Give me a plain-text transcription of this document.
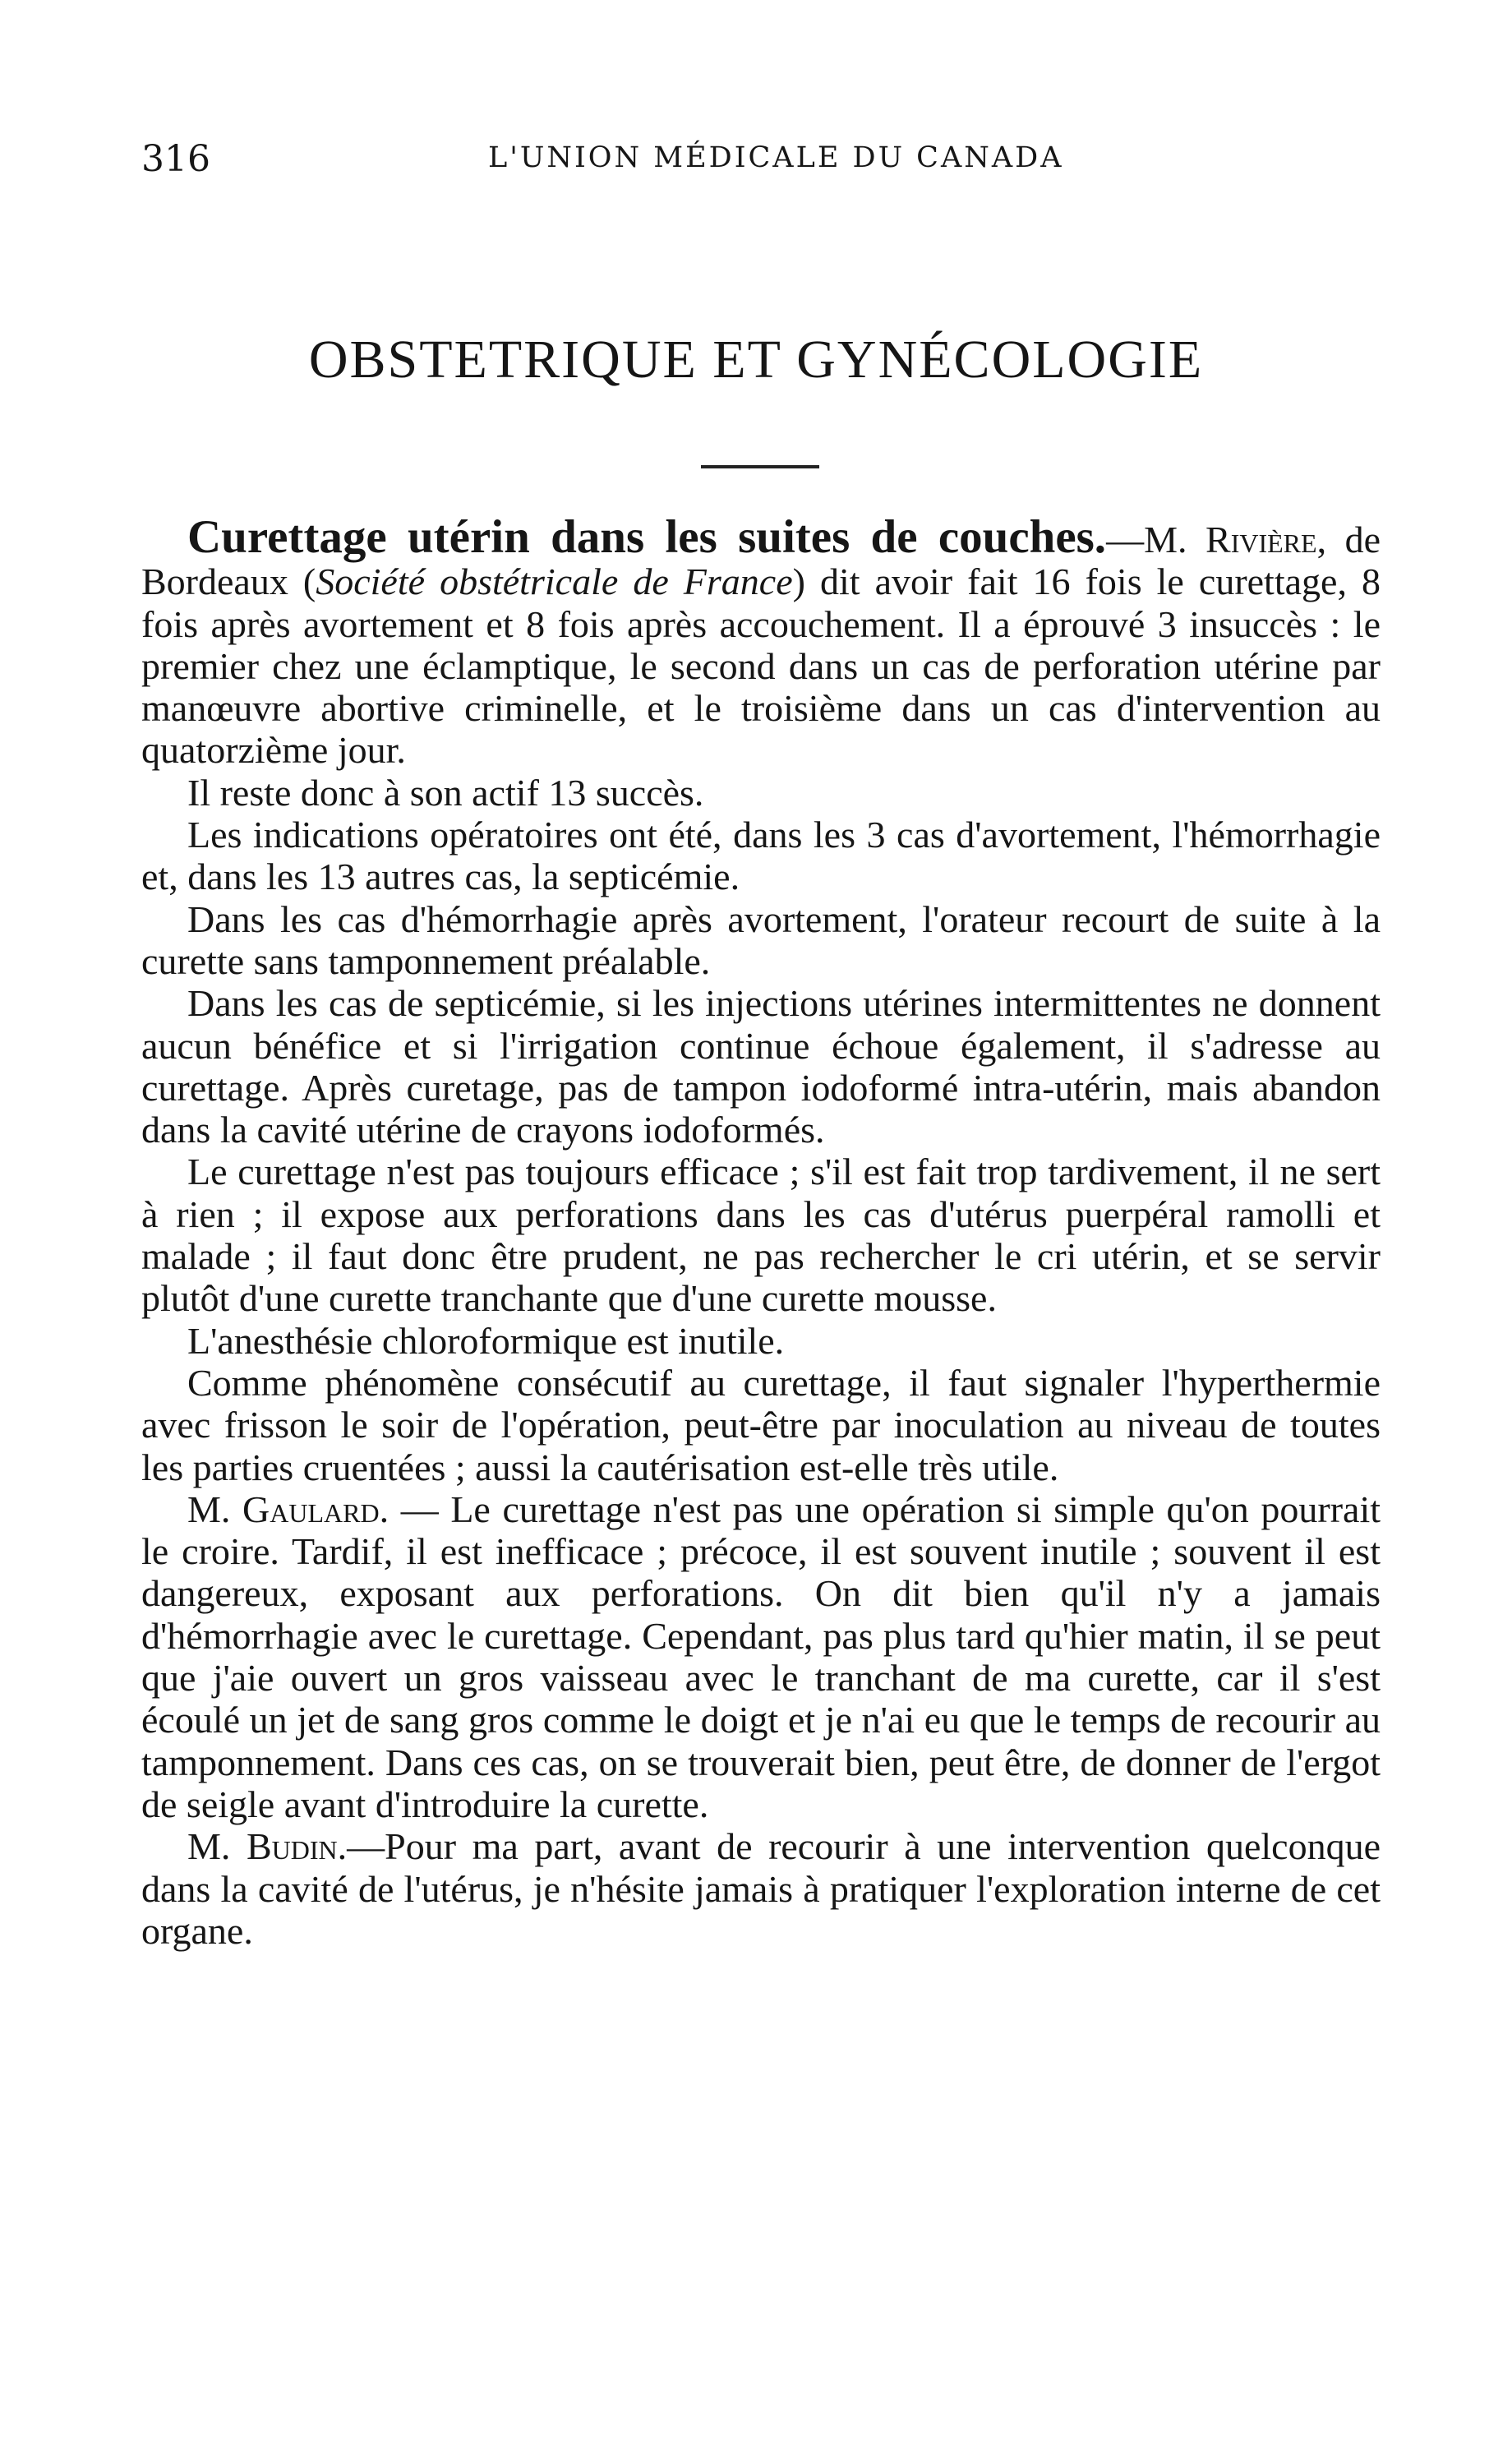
316	L'UNION MÉDICALE DU CANADA
OBSTETRIQUE ET GYNÉCOLOGIE

Curettage utérin dans les suites de couches.—M. Rivière, de Bordeaux (Société obstétricale de France) dit avoir fait 16 fois le curettage, 8 fois après avortement et 8 fois après accouchement. Il a éprouvé 3 insuccès : le premier chez une éclamptique, le second dans un cas de perforation utérine par manœuvre abortive criminelle, et le troisième dans un cas d'intervention au quatorzième jour.

Il reste donc à son actif 13 succès.

Les indications opératoires ont été, dans les 3 cas d'avortement, l'hémorrhagie et, dans les 13 autres cas, la septicémie.

Dans les cas d'hémorrhagie après avortement, l'orateur recourt de suite à la curette sans tamponnement préalable.

Dans les cas de septicémie, si les injections utérines intermittentes ne donnent aucun bénéfice et si l'irrigation continue échoue également, il s'adresse au curettage. Après curetage, pas de tampon iodoformé intra-utérin, mais abandon dans la cavité utérine de crayons iodoformés.

Le curettage n'est pas toujours efficace ; s'il est fait trop tardivement, il ne sert à rien ; il expose aux perforations dans les cas d'utérus puerpéral ramolli et malade ; il faut donc être prudent, ne pas rechercher le cri utérin, et se servir plutôt d'une curette tranchante que d'une curette mousse.

L'anesthésie chloroformique est inutile.

Comme phénomène consécutif au curettage, il faut signaler l'hyperthermie avec frisson le soir de l'opération, peut-être par inoculation au niveau de toutes les parties cruentées ; aussi la cautérisation est-elle très utile.

M. Gaulard. — Le curettage n'est pas une opération si simple qu'on pourrait le croire. Tardif, il est inefficace ; précoce, il est souvent inutile ; souvent il est dangereux, exposant aux perforations. On dit bien qu'il n'y a jamais d'hémorrhagie avec le curettage. Cependant, pas plus tard qu'hier matin, il se peut que j'aie ouvert un gros vaisseau avec le tranchant de ma curette, car il s'est écoulé un jet de sang gros comme le doigt et je n'ai eu que le temps de recourir au tamponnement. Dans ces cas, on se trouverait bien, peut être, de donner de l'ergot de seigle avant d'introduire la curette.

M. Budin.—Pour ma part, avant de recourir à une intervention quelconque dans la cavité de l'utérus, je n'hésite jamais à pratiquer l'exploration interne de cet organe.
